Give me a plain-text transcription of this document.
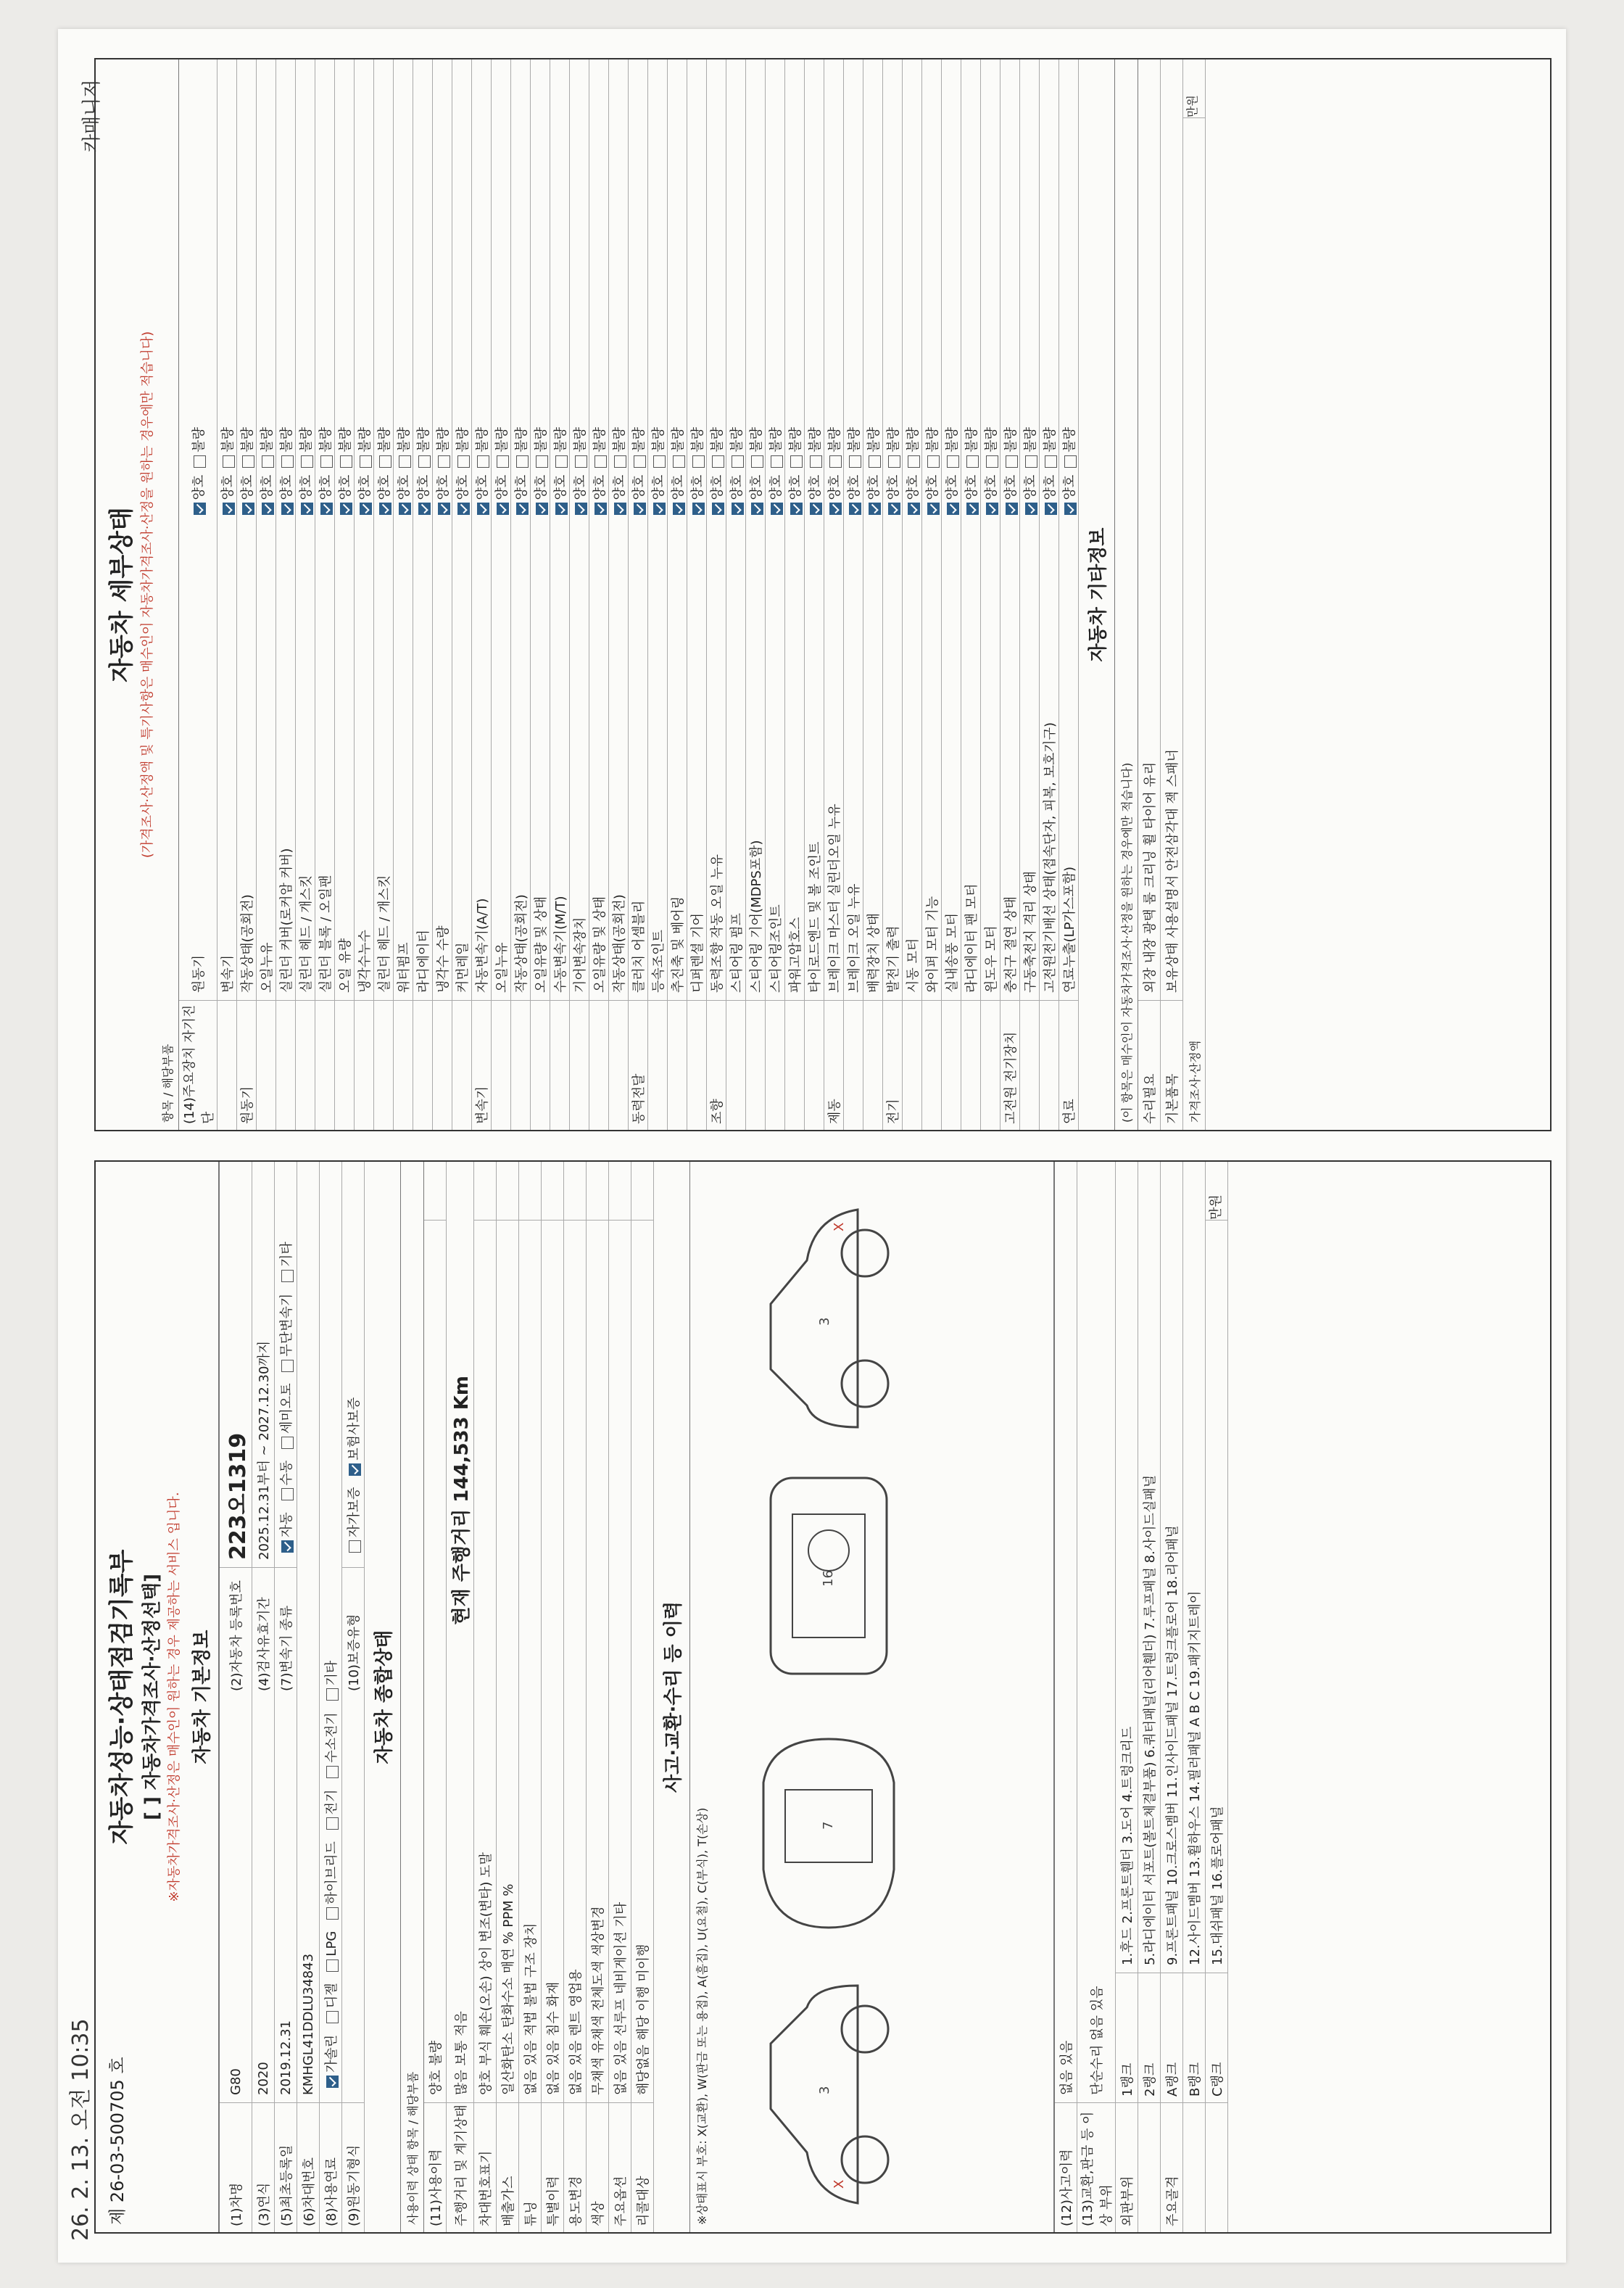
26. 2. 13. 오전 10:35
카매니저
제 26-03-500705 호
자동차성능·상태점검기록부 [ ] 자동차가격조사·산정선택] ※자동차가격조사·산정은 매수인이 원하는 경우 제공하는 서비스 입니다. 자동차 기본정보
(1)차명
G80
(2)자동차 등록번호
223오1319
(3)연식
2020
(4)검사유효기간
2025.12.31부터 ~ 2027.12.30까지
(5)최초등록일
2019.12.31
(7)변속기 종류
자동 수동 세미오토 무단변속기 기타
(6)차대번호
KMHGL41DDLU34843
(8)사용연료
가솔린 디젤 LPG 하이브리드 전기 수소전기 기타
(9)원동기형식
(10)보증유형
자가보증 보험사보증
자동차 종합상태
사용이력 상태 항목 / 해당부품 (11)사용이력
양호 불량
주행거리 및 계기상태
많음 보통 적음
현재 주행거리 144,533 Km
차대번호표기
양호 부식 훼손(오손) 상이 변조(변타) 도말
배출가스
일산화탄소 탄화수소 매연 % PPM %
튜닝
없음 있음 적법 불법 구조 장치
특별이력
없음 있음 침수 화재
용도변경
없음 있음 렌트 영업용
색상
무채색 유채색 전체도색 색상변경
주요옵션
없음 있음 선루프 네비게이션 기타
리콜대상
해당없음 해당 이행 미이행
사고·교환·수리 등 이력
※상태표시 부호: X(교환), W(판금 또는 용접), A(흠집), U(요철), C(부식), T(손상)	3
X
7
16
3
X
(12)사고이력
없음 있음
(13)교환,판금 등 이상 부위
단순수리 없음 있음
외판부위
1랭크
1.후드 2.프론트휀더 3.도어 4.트렁크리드
2랭크
5.라디에이터 서포트(볼트체결부품) 6.쿼터패널(리어휀더) 7.루프패널 8.사이드실패널
주요골격
A랭크
9.프론트패널 10.크로스멤버 11.인사이드패널 17.트렁크플로어 18.리어패널
B랭크
12.사이드멤버 13.휠하우스 14.필러패널 A B C 19.패키지트레이
C랭크
15.대쉬패널 16.플로어패널
만원
자동차 세부상태 (가격조사·산정액 및 특기사항은 매수인이 자동차가격조사·산정을 원하는 경우에만 적습니다)
항목 / 해당부품 (14)주요장치 자기진단
원동기
양호불량
변속기
양호불량
원동기
작동상태(공회전)
양호불량
오일누유
양호불량
실린더 커버(로커암 커버)
양호불량
실린더 헤드 / 개스킷
양호불량
실린더 블록 / 오일팬
양호불량
오일 유량
양호불량
냉각수누수
양호불량
실린더 헤드 / 개스킷
양호불량
워터펌프
양호불량
라디에이터
양호불량
냉각수 수량
양호불량
커먼레일
양호불량
변속기
자동변속기(A/T)
양호불량
오일누유
양호불량
작동상태(공회전)
양호불량
오일유량 및 상태
양호불량
수동변속기(M/T)
양호불량
기어변속장치
양호불량
오일유량 및 상태
양호불량
작동상태(공회전)
양호불량
동력전달
클러치 어셈블리
양호불량
등속조인트
양호불량
추진축 및 베어링
양호불량
디퍼렌셜 기어
양호불량
조향
동력조향 작동 오일 누유
양호불량
스티어링 펌프
양호불량
스티어링 기어(MDPS포함)
양호불량
스티어링조인트
양호불량
파워고압호스
양호불량
타이로드엔드 및 볼 조인트
양호불량
제동
브레이크 마스터 실린더오일 누유
양호불량
브레이크 오일 누유
양호불량
배력장치 상태
양호불량
전기
발전기 출력
양호불량
시동 모터
양호불량
와이퍼 모터 기능
양호불량
실내송풍 모터
양호불량
라디에이터 팬 모터
양호불량
윈도우 모터
양호불량
고전원 전기장치
충전구 절연 상태
양호불량
구동축전지 격리 상태
양호불량
고전원전기배선 상태(접속단자, 피복, 보호기구)
양호불량
연료
연료누출(LP가스포함)
양호불량
자동차 기타정보
(이 항목은 매수인이 자동차가격조사·산정을 원하는 경우에만 적습니다) 수리필요
외장 내장 광택 룸 크리닝 휠 타이어 유리
기본품목
보유상태 사용설명서 안전삼각대 잭 스패너
가격조사·산정액
만원
